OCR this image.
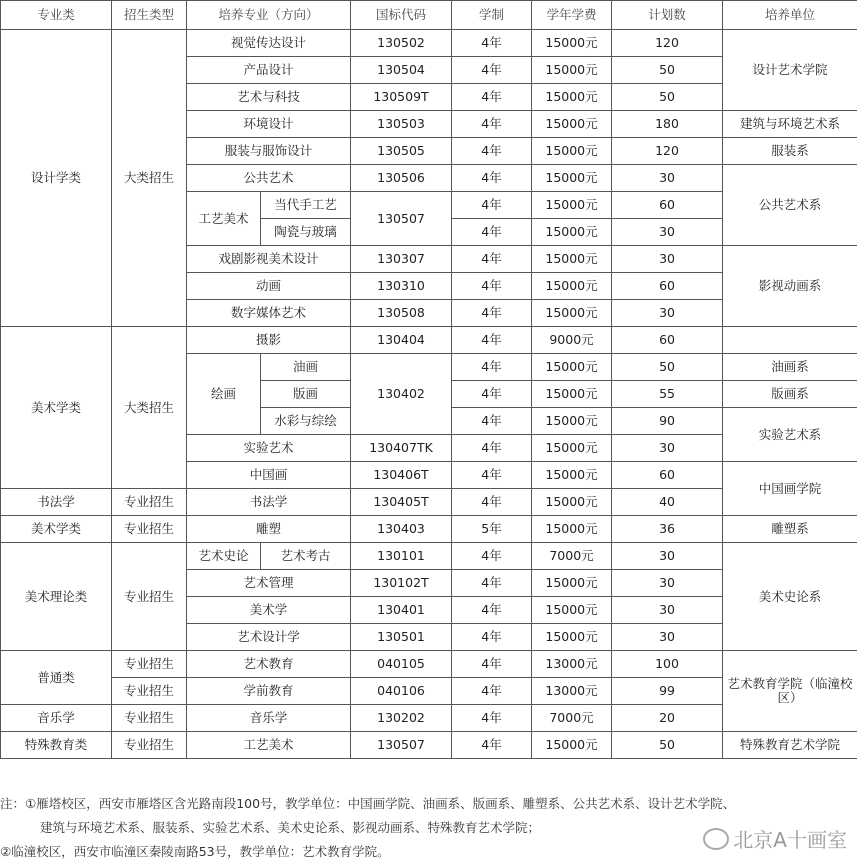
专业类	招生类型	培养专业（方向）		国标代码	学制	学年学费	计划数	培养单位
设计学类	大类招生	视觉传达设计		130502	4年	15000元	120	设计艺术学院
		产品设计		130504	4年	15000元	50	
		艺术与科技		130509T	4年	15000元	50	
		环境设计		130503	4年	15000元	180	建筑与环境艺术系
		服装与服饰设计		130505	4年	15000元	120	服装系
		公共艺术		130506	4年	15000元	30	公共艺术系
		工艺美术	当代手工艺	130507	4年	15000元	60	
			陶瓷与玻璃		4年	15000元	30	
		戏剧影视美术设计		130307	4年	15000元	30	影视动画系
		动画		130310	4年	15000元	60	
		数字媒体艺术		130508	4年	15000元	30	
美术学类	大类招生	摄影		130404	4年	9000元	60	
		绘画	油画	130402	4年	15000元	50	油画系
			版画		4年	15000元	55	版画系
			水彩与综绘		4年	15000元	90	实验艺术系
		实验艺术		130407TK	4年	15000元	30	
		中国画		130406T	4年	15000元	60	中国画学院
书法学	专业招生	书法学		130405T	4年	15000元	40	
美术学类	专业招生	雕塑		130403	5年	15000元	36	雕塑系
美术理论类	专业招生	艺术史论	艺术考古	130101	4年	7000元	30	美术史论系
		艺术管理		130102T	4年	15000元	30	
		美术学		130401	4年	15000元	30	
		艺术设计学		130501	4年	15000元	30	
普通类	专业招生	艺术教育		040105	4年	13000元	100	艺术教育学院（临潼校区）
	专业招生	学前教育		040106	4年	13000元	99	
音乐学	专业招生	音乐学		130202	4年	7000元	20	
特殊教育类	专业招生	工艺美术		130507	4年	15000元	50	特殊教育艺术学院
注：①雁塔校区，西安市雁塔区含光路南段100号，教学单位：中国画学院、油画系、版画系、雕塑系、公共艺术系、设计艺术学院、
建筑与环境艺术系、服装系、实验艺术系、美术史论系、影视动画系、特殊教育艺术学院；
②临潼校区，西安市临潼区秦陵南路53号，教学单位：艺术教育学院。	北京A十画室
